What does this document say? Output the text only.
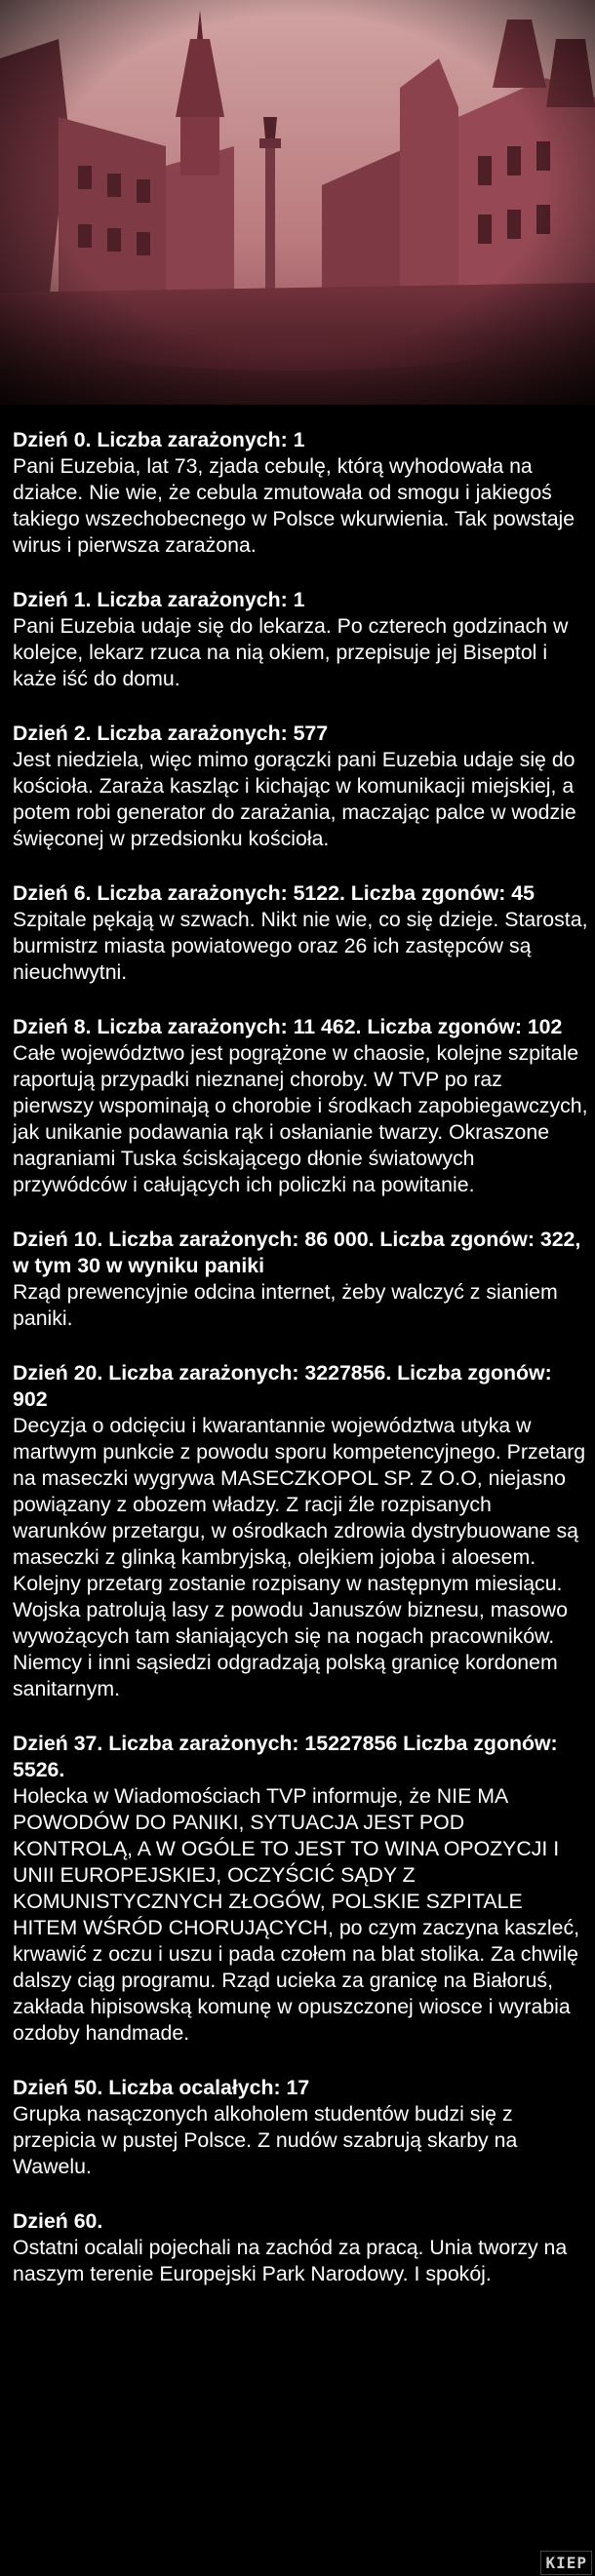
Dzień 0. Liczba zarażonych: 1

Pani Euzebia, lat 73, zjada cebulę, którą wyhodowała na działce. Nie wie, że cebula zmutowała od smogu i jakiegoś takiego wszechobecnego w Polsce wkurwienia. Tak powstaje wirus i pierwsza zarażona.

Dzień 1. Liczba zarażonych: 1

Pani Euzebia udaje się do lekarza. Po czterech godzinach w kolejce, lekarz rzuca na nią okiem, przepisuje jej Biseptol i każe iść do domu.

Dzień 2. Liczba zarażonych: 577

Jest niedziela, więc mimo gorączki pani Euzebia udaje się do kościoła. Zaraża kaszląc i kichając w komunikacji miejskiej, a potem robi generator do zarażania, maczając palce w wodzie święconej w przedsionku kościoła.

Dzień 6. Liczba zarażonych: 5122. Liczba zgonów: 45

Szpitale pękają w szwach. Nikt nie wie, co się dzieje. Starosta, burmistrz miasta powiatowego oraz 26 ich zastępców są nieuchwytni.

Dzień 8. Liczba zarażonych: 11 462. Liczba zgonów: 102

Całe województwo jest pogrążone w chaosie, kolejne szpitale raportują przypadki nieznanej choroby. W TVP po raz pierwszy wspominają o chorobie i środkach zapobiegawczych, jak unikanie podawania rąk i osłanianie twarzy. Okraszone nagraniami Tuska ściskającego dłonie światowych przywódców i całujących ich policzki na powitanie.

Dzień 10. Liczba zarażonych: 86 000. Liczba zgonów: 322, w tym 30 w wyniku paniki

Rząd prewencyjnie odcina internet, żeby walczyć z sianiem paniki.

Dzień 20. Liczba zarażonych: 3227856. Liczba zgonów: 902

Decyzja o odcięciu i kwarantannie województwa utyka w martwym punkcie z powodu sporu kompetencyjnego. Przetarg na maseczki wygrywa MASECZKOPOL SP. Z O.O, niejasno powiązany z obozem władzy. Z racji źle rozpisanych warunków przetargu, w ośrodkach zdrowia dystrybuowane są maseczki z glinką kambryjską, olejkiem jojoba i aloesem. Kolejny przetarg zostanie rozpisany w następnym miesiącu. Wojska patrolują lasy z powodu Januszów biznesu, masowo wywożących tam słaniających się na nogach pracowników. Niemcy i inni sąsiedzi odgradzają polską granicę kordonem sanitarnym.

Dzień 37. Liczba zarażonych: 15227856 Liczba zgonów: 5526.

Holecka w Wiadomościach TVP informuje, że NIE MA POWODÓW DO PANIKI, SYTUACJA JEST POD KONTROLĄ, A W OGÓLE TO JEST TO WINA OPOZYCJI I UNII EUROPEJSKIEJ, OCZYŚCIĆ SĄDY Z KOMUNISTYCZNYCH ZŁOGÓW, POLSKIE SZPITALE HITEM WŚRÓD CHORUJĄCYCH, po czym zaczyna kaszleć, krwawić z oczu i uszu i pada czołem na blat stolika. Za chwilę dalszy ciąg programu. Rząd ucieka za granicę na Białoruś, zakłada hipisowską komunę w opuszczonej wiosce i wyrabia ozdoby handmade.

Dzień 50. Liczba ocalałych: 17

Grupka nasączonych alkoholem studentów budzi się z przepicia w pustej Polsce. Z nudów szabrują skarby na Wawelu.

Dzień 60.

Ostatni ocalali pojechali na zachód za pracą. Unia tworzy na naszym terenie Europejski Park Narodowy. I spokój.

KIEP
